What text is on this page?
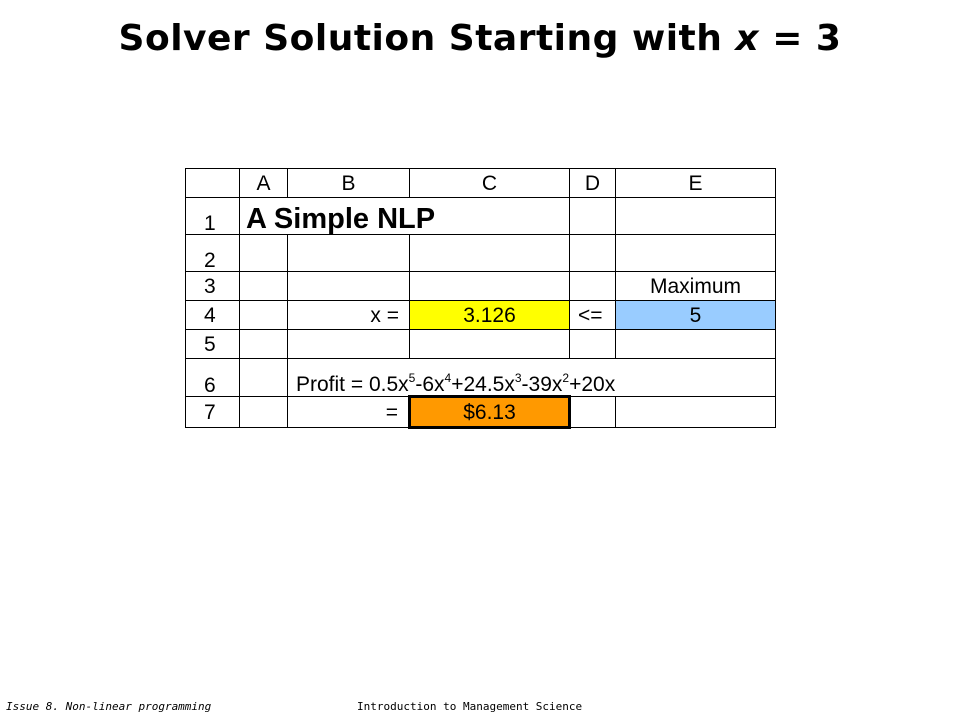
Solver Solution Starting with x = 3
	A	B	C	D	E
1	A Simple NLP				
2					
3					Maximum
4		x =	3.126	<=	5
5					
6		Profit = $0.5x^5-6x^4+24.5x^3-39x^2+20x$			
7		=	$6.13		
Issue 8. Non-linear programming	Introduction to Management Science
